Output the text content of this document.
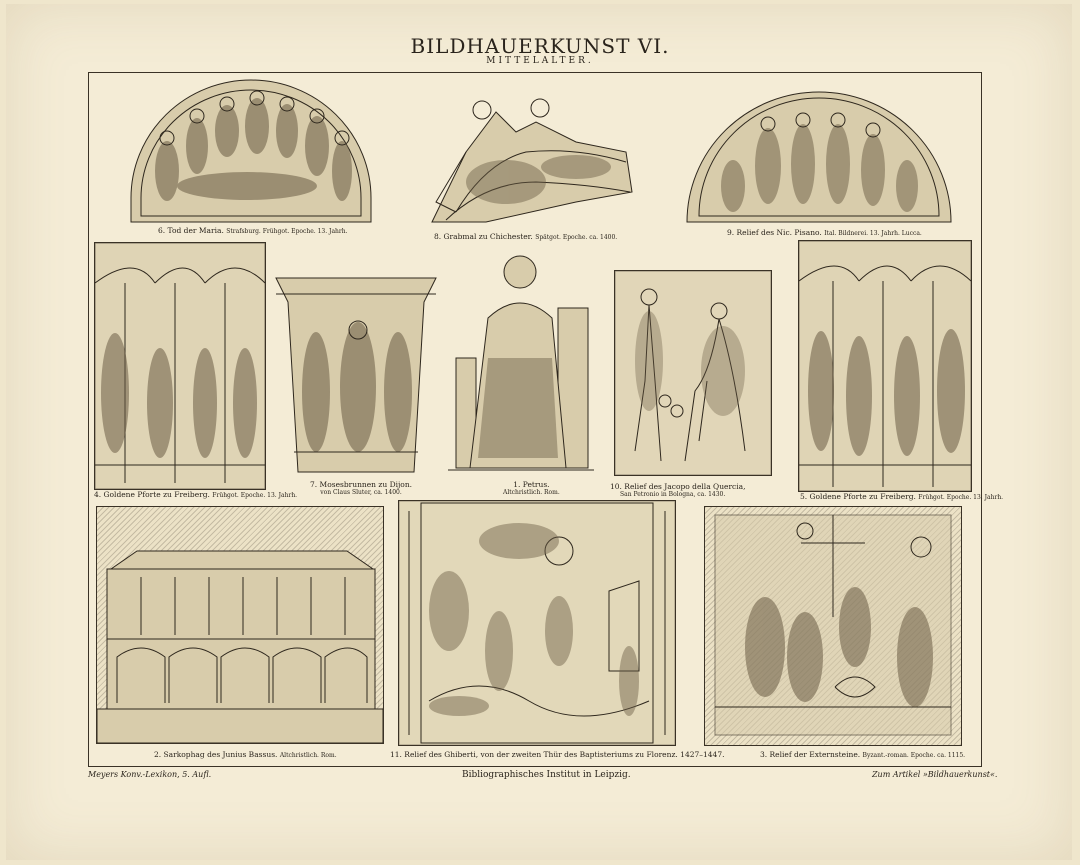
BILDHAUERKUNST VI.
MITTELALTER.
6. Tod der Maria. Strafsburg. Frühgot. Epoche. 13. Jahrh.
8. Grabmal zu Chichester. Spätgot. Epoche. ca. 1400.
9. Relief des Nic. Pisano. Ital. Bildnerei. 13. Jahrh. Lucca.
4. Goldene Pforte zu Freiberg. Frühgot. Epoche. 13. Jahrh.
7. Mosesbrunnen zu Dijon.
von Claus Sluter, ca. 1400.
1. Petrus.
Altchristlich. Rom.
10. Relief des Jacopo della Quercia,
San Petronio in Bologna, ca. 1430.	5. Goldene Pforte zu Freiberg. Frühgot. Epoche. 13. Jahrh.
2. Sarkophag des Junius Bassus. Altchristlich. Rom.	11. Relief des Ghiberti, von der zweiten Thür des Baptisteriums zu Florenz. 1427–1447.	3. Relief der Externsteine. Byzant.-roman. Epoche. ca. 1115.
Meyers Konv.-Lexikon, 5. Aufl.	Bibliographisches Institut in Leipzig.	Zum Artikel »Bildhauerkunst«.
